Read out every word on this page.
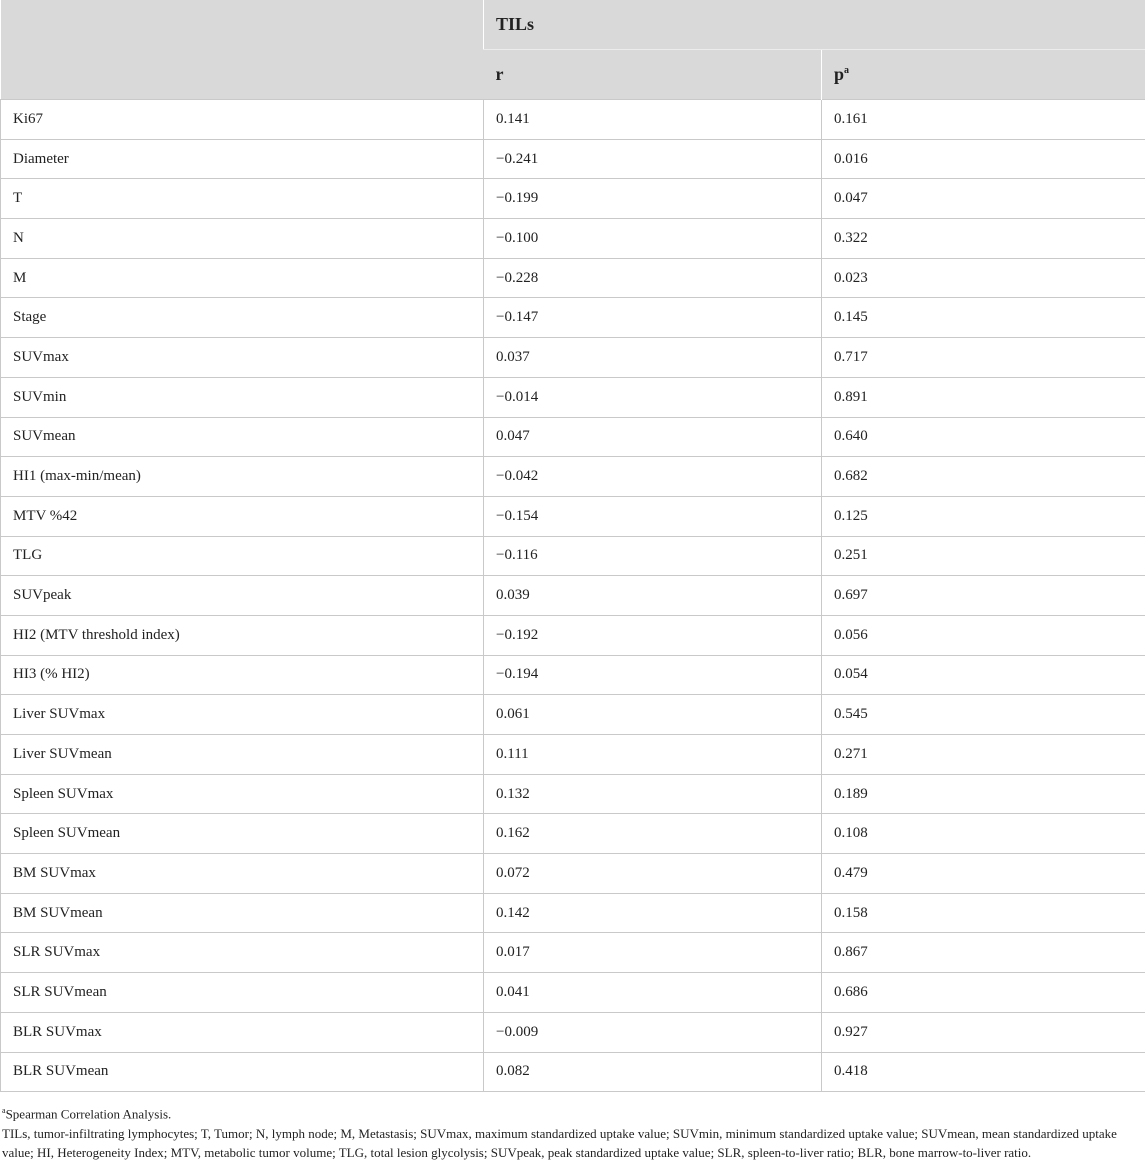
	TILs	
	r	$p^a$
Ki67	0.141	0.161
Diameter	−0.241	0.016
T	−0.199	0.047
N	−0.100	0.322
M	−0.228	0.023
Stage	−0.147	0.145
SUVmax	0.037	0.717
SUVmin	−0.014	0.891
SUVmean	0.047	0.640
HI1 (max-min/mean)	−0.042	0.682
MTV %42	−0.154	0.125
TLG	−0.116	0.251
SUVpeak	0.039	0.697
HI2 (MTV threshold index)	−0.192	0.056
HI3 (% HI2)	−0.194	0.054
Liver SUVmax	0.061	0.545
Liver SUVmean	0.111	0.271
Spleen SUVmax	0.132	0.189
Spleen SUVmean	0.162	0.108
BM SUVmax	0.072	0.479
BM SUVmean	0.142	0.158
SLR SUVmax	0.017	0.867
SLR SUVmean	0.041	0.686
BLR SUVmax	−0.009	0.927
BLR SUVmean	0.082	0.418

$^a$Spearman Correlation Analysis.

TILs, tumor-infiltrating lymphocytes; T, Tumor; N, lymph node; M, Metastasis; SUVmax, maximum standardized uptake value; SUVmin, minimum standardized uptake value; SUVmean, mean standardized uptake value; HI, Heterogeneity Index; MTV, metabolic tumor volume; TLG, total lesion glycolysis; SUVpeak, peak standardized uptake value; SLR, spleen-to-liver ratio; BLR, bone marrow-to-liver ratio.
